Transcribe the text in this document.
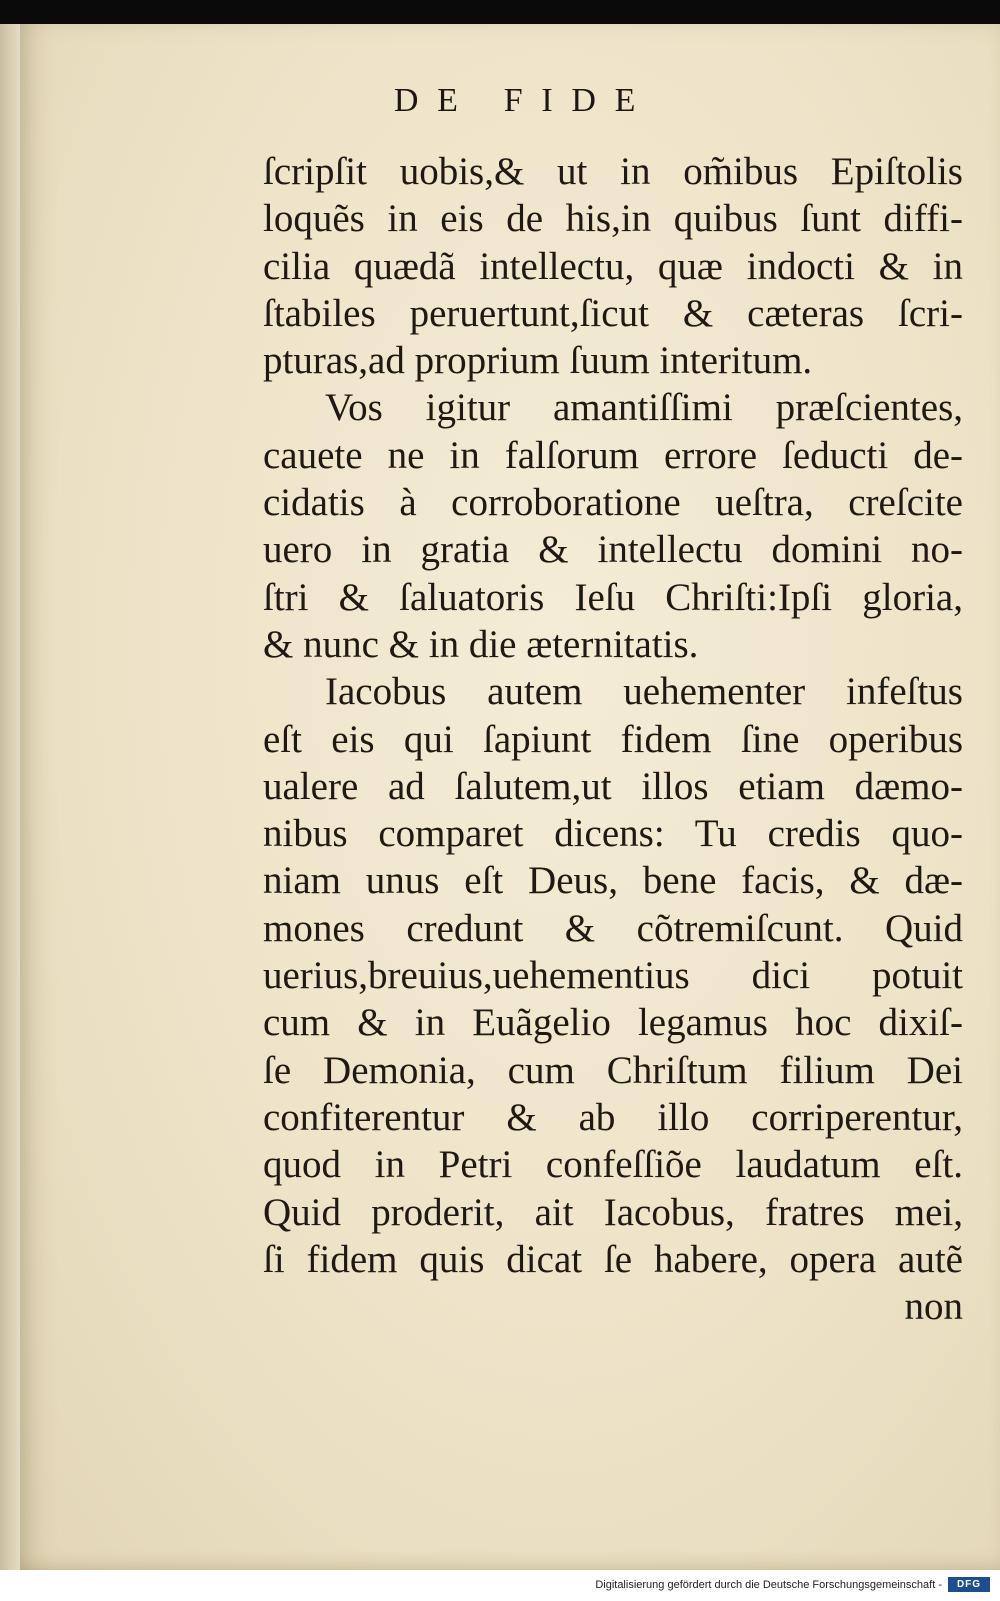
DE FIDE
ſcripſit uobis,& ut in om̃ibus Epiſtolis
loquẽs in eis de his,in quibus ſunt diffi-
cilia quædã intellectu, quæ indocti & in
ſtabiles peruertunt,ſicut & cæteras ſcri-
pturas,ad proprium ſuum interitum.
Vos igitur amantiſſimi præſcientes,
cauete ne in falſorum errore ſeducti de-
cidatis à corroboratione ueſtra, creſcite
uero in gratia & intellectu domini no-
ſtri & ſaluatoris Ieſu Chriſti:Ipſi gloria,
& nunc & in die æternitatis.
Iacobus autem uehementer infeſtus
eſt eis qui ſapiunt fidem ſine operibus
ualere ad ſalutem,ut illos etiam dæmo-
nibus comparet dicens: Tu credis quo-
niam unus eſt Deus, bene facis, & dæ-
mones credunt & cõtremiſcunt. Quid
uerius,breuius,uehementius dici potuit
cum & in Euãgelio legamus hoc dixiſ-
ſe Demonia, cum Chriſtum filium Dei
confiterentur & ab illo corriperentur,
quod in Petri confeſſiõe laudatum eſt.
Quid proderit, ait Iacobus, fratres mei,
ſi fidem quis dicat ſe habere, opera autẽ
non
Digitalisierung gefördert durch die Deutsche Forschungsgemeinschaft -	DFG
